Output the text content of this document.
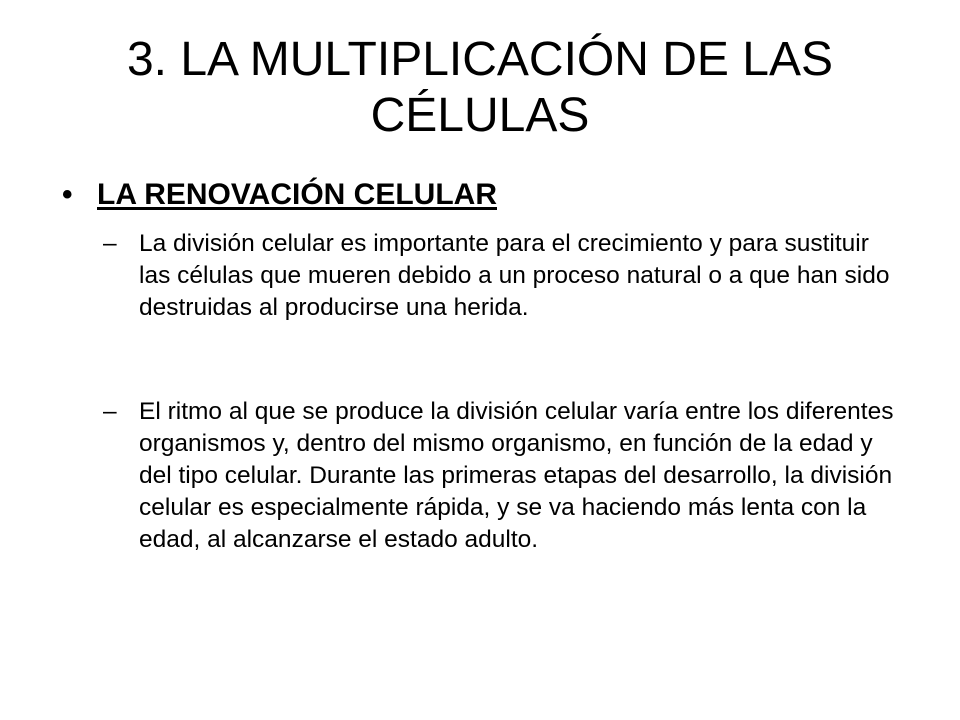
3. LA MULTIPLICACIÓN DE LAS CÉLULAS
• LA RENOVACIÓN CELULAR
– La división celular es importante para el crecimiento y para sustituir las células que mueren debido a un proceso natural o a que han sido destruidas al producirse una herida.
– El ritmo al que se produce la división celular varía entre los diferentes organismos y, dentro del mismo organismo, en función de la edad y del tipo celular. Durante las primeras etapas del desarrollo, la división celular es especialmente rápida, y se va haciendo más lenta con la edad, al alcanzarse el estado adulto.
